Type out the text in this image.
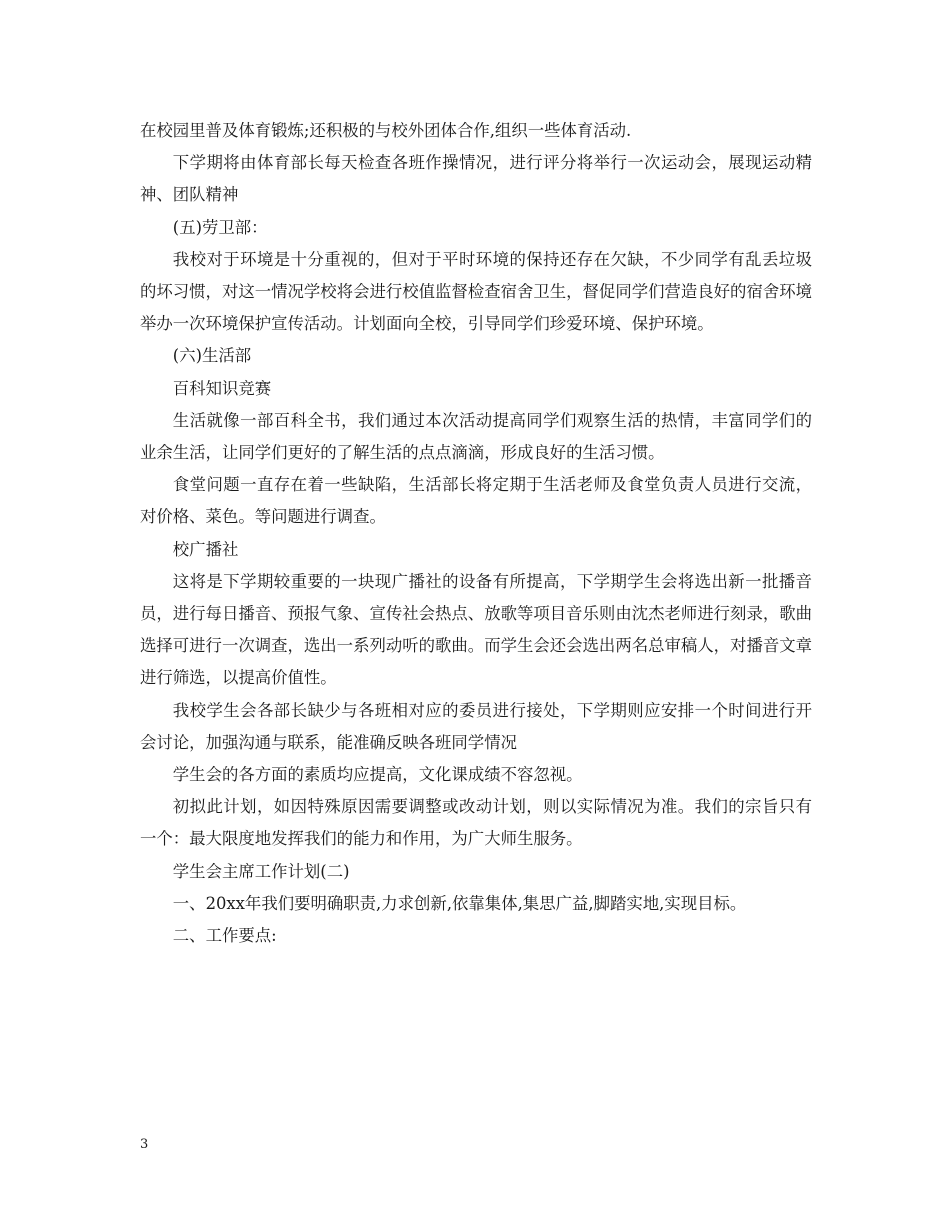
在校园里普及体育锻炼;还积极的与校外团体合作,组织一些体育活动.

下学期将由体育部长每天检查各班作操情况，进行评分将举行一次运动会，展现运动精神、团队精神

(五)劳卫部：

我校对于环境是十分重视的，但对于平时环境的保持还存在欠缺，不少同学有乱丢垃圾的坏习惯，对这一情况学校将会进行校值监督检查宿舍卫生，督促同学们营造良好的宿舍环境举办一次环境保护宣传活动。计划面向全校，引导同学们珍爱环境、保护环境。

(六)生活部

百科知识竞赛

生活就像一部百科全书，我们通过本次活动提高同学们观察生活的热情，丰富同学们的业余生活，让同学们更好的了解生活的点点滴滴，形成良好的生活习惯。

食堂问题一直存在着一些缺陷，生活部长将定期于生活老师及食堂负责人员进行交流，对价格、菜色。等问题进行调查。

校广播社

这将是下学期较重要的一块现广播社的设备有所提高，下学期学生会将选出新一批播音员，进行每日播音、预报气象、宣传社会热点、放歌等项目音乐则由沈杰老师进行刻录，歌曲选择可进行一次调查，选出一系列动听的歌曲。而学生会还会选出两名总审稿人，对播音文章进行筛选，以提高价值性。

我校学生会各部长缺少与各班相对应的委员进行接处，下学期则应安排一个时间进行开会讨论，加强沟通与联系，能准确反映各班同学情况

学生会的各方面的素质均应提高，文化课成绩不容忽视。

初拟此计划，如因特殊原因需要调整或改动计划，则以实际情况为准。我们的宗旨只有一个：最大限度地发挥我们的能力和作用，为广大师生服务。

学生会主席工作计划(二)

一、20xx年我们要明确职责,力求创新,依靠集体,集思广益,脚踏实地,实现目标。

二、工作要点:

3
